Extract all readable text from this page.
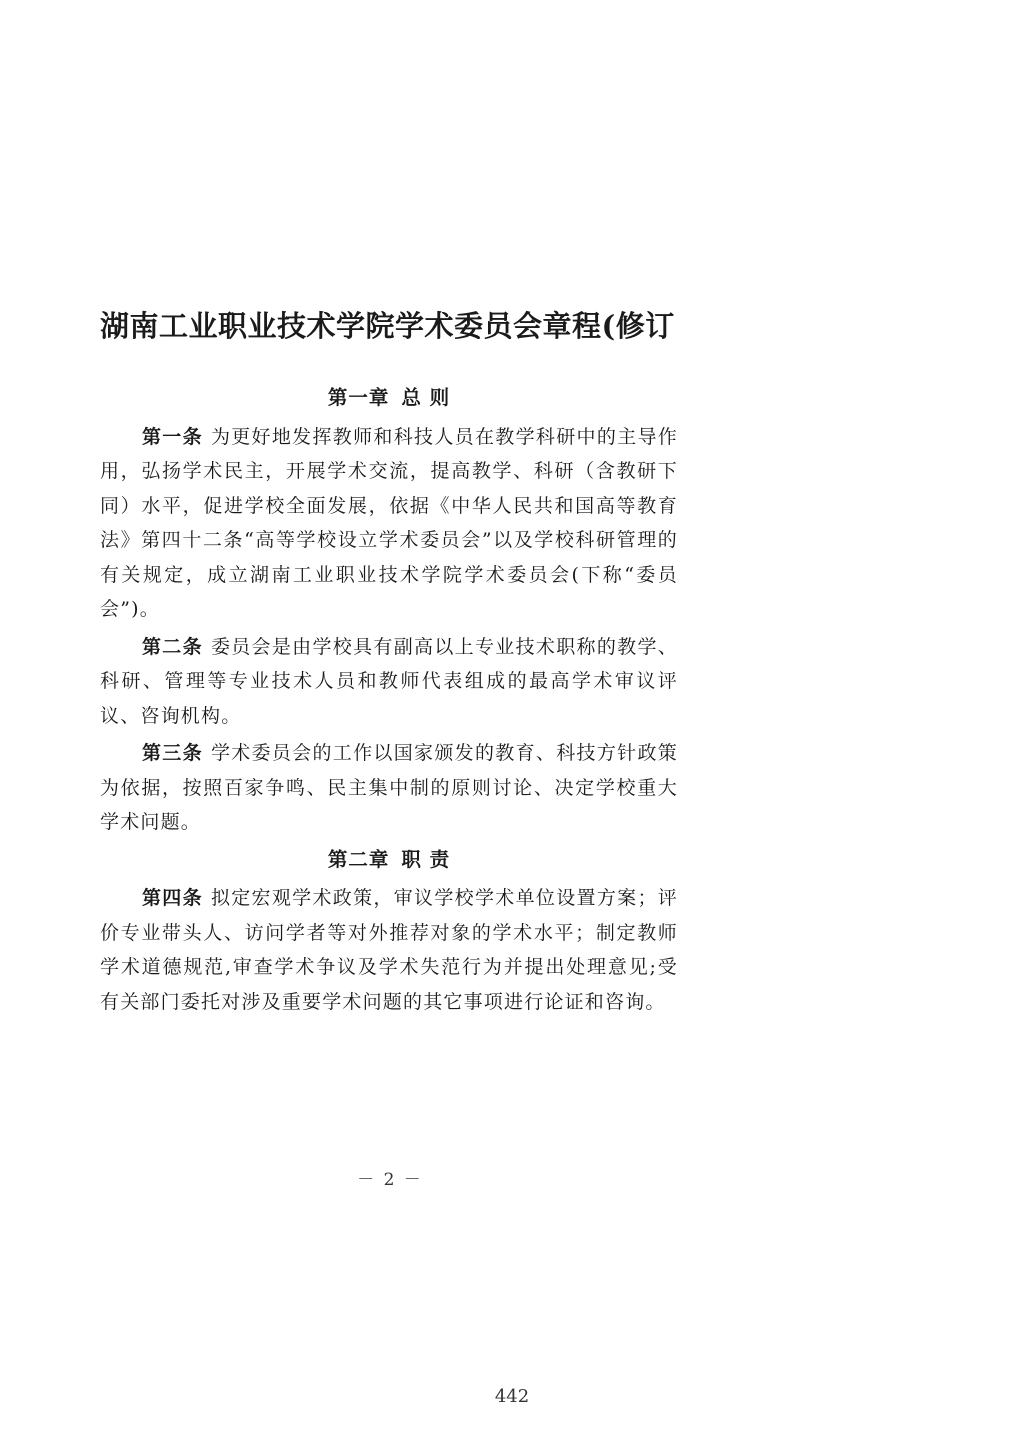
湖南工业职业技术学院学术委员会章程(修订
第一章 总 则

第一条 为更好地发挥教师和科技人员在教学科研中的主导作用，弘扬学术民主，开展学术交流，提高教学、科研（含教研下同）水平，促进学校全面发展，依据《中华人民共和国高等教育法》第四十二条“高等学校设立学术委员会”以及学校科研管理的有关规定，成立湖南工业职业技术学院学术委员会(下称“委员会”)。

第二条 委员会是由学校具有副高以上专业技术职称的教学、科研、管理等专业技术人员和教师代表组成的最高学术审议评议、咨询机构。

第三条 学术委员会的工作以国家颁发的教育、科技方针政策为依据，按照百家争鸣、民主集中制的原则讨论、决定学校重大学术问题。

第二章 职 责

第四条 拟定宏观学术政策，审议学校学术单位设置方案；评价专业带头人、访问学者等对外推荐对象的学术水平；制定教师学术道德规范,审查学术争议及学术失范行为并提出处理意见;受有关部门委托对涉及重要学术问题的其它事项进行论证和咨询。

－ 2 －
442
